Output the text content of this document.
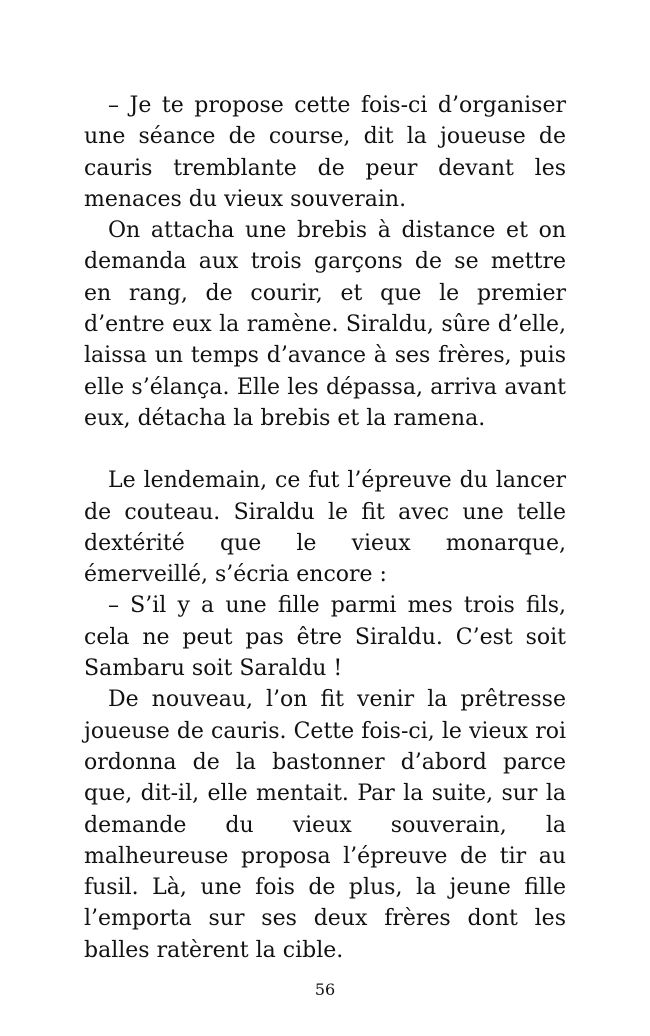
– Je te propose cette fois-ci d’organiser une séance de course, dit la joueuse de cauris tremblante de peur devant les menaces du vieux souverain.

On attacha une brebis à distance et on demanda aux trois garçons de se mettre en rang, de courir, et que le premier d’entre eux la ramène. Siraldu, sûre d’elle, laissa un temps d’avance à ses frères, puis elle s’élança. Elle les dépassa, arriva avant eux, détacha la brebis et la ramena.

Le lendemain, ce fut l’épreuve du lancer de couteau. Siraldu le fit avec une telle dextérité que le vieux monarque, émerveillé, s’écria encore :

– S’il y a une fille parmi mes trois fils, cela ne peut pas être Siraldu. C’est soit Sambaru soit Saraldu !

De nouveau, l’on fit venir la prêtresse joueuse de cauris. Cette fois-ci, le vieux roi ordonna de la bastonner d’abord parce que, dit-il, elle mentait. Par la suite, sur la demande du vieux souverain, la malheureuse proposa l’épreuve de tir au fusil. Là, une fois de plus, la jeune fille l’emporta sur ses deux frères dont les balles ratèrent la cible.

56
